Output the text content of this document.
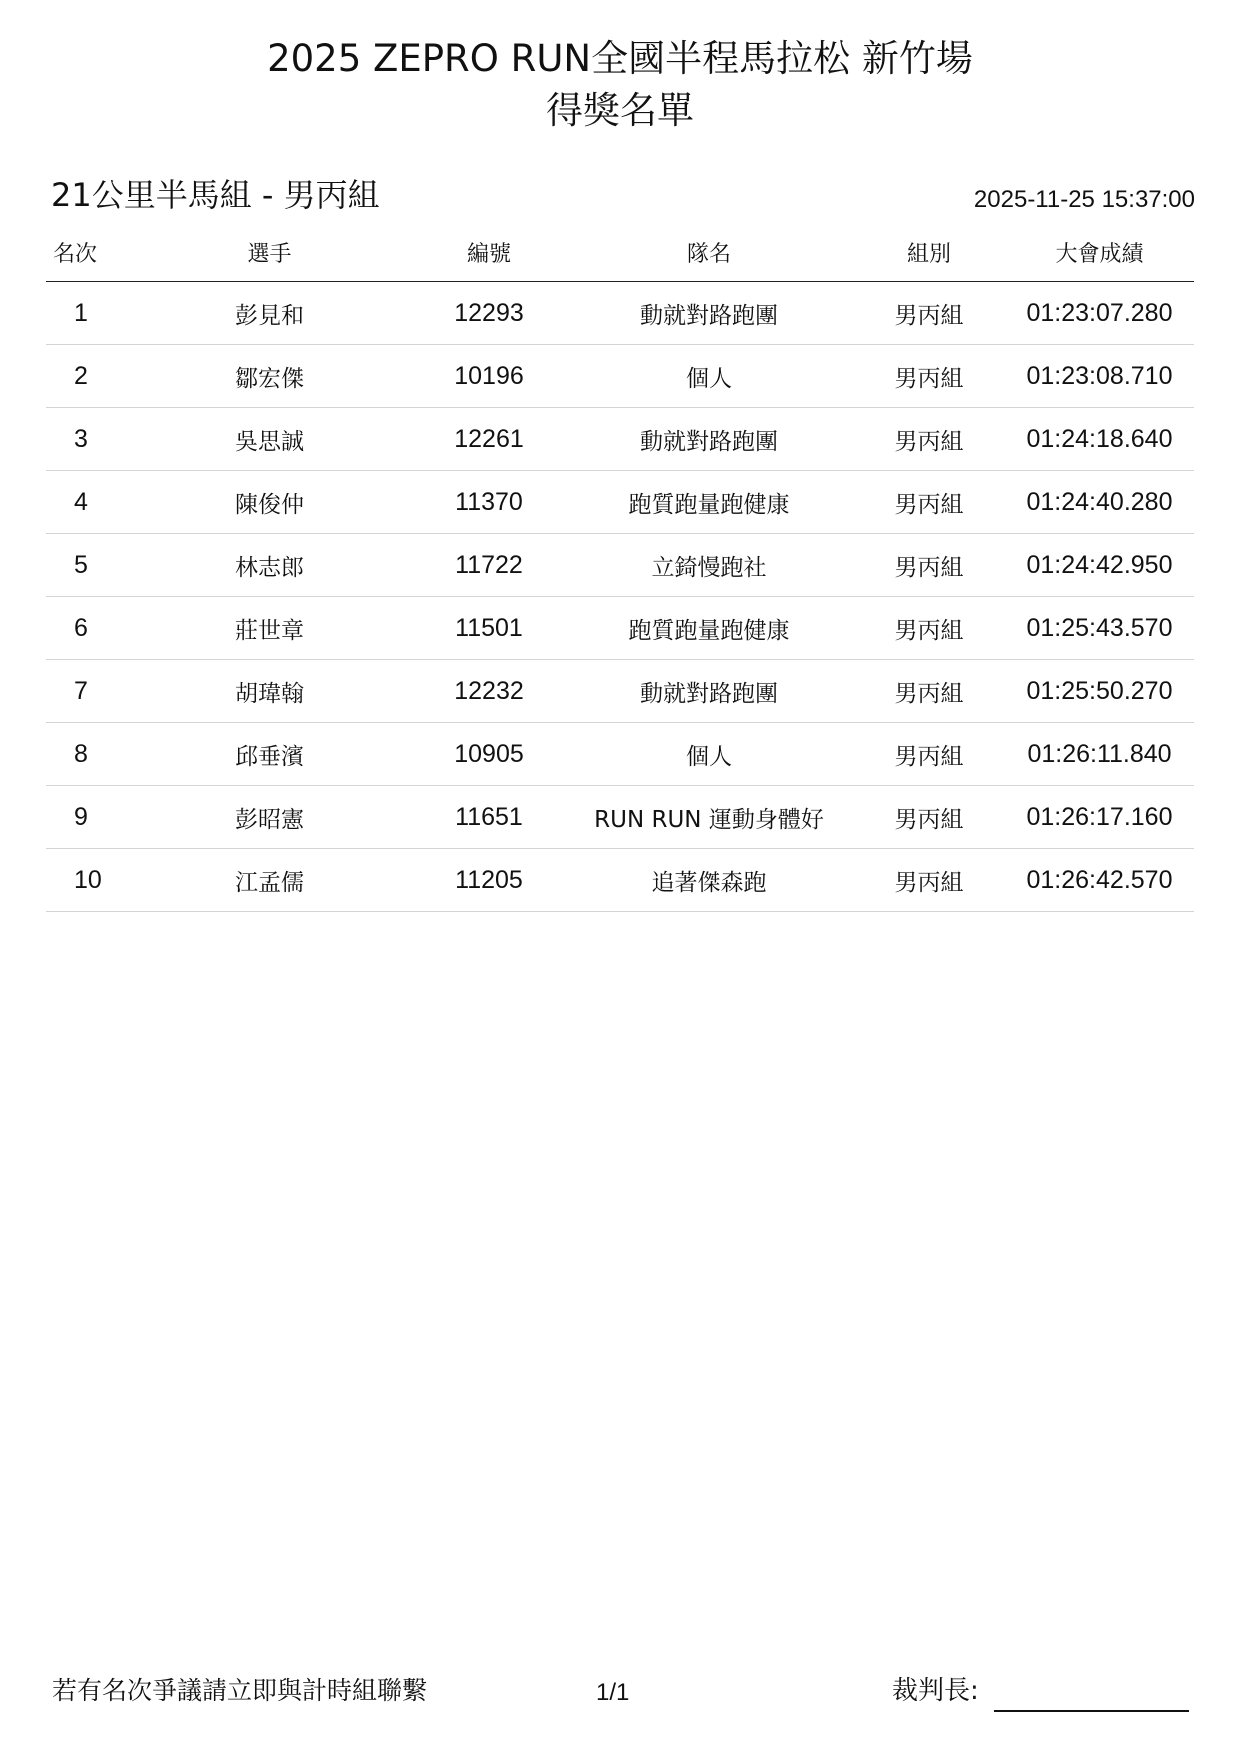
2025 ZEPRO RUN全國半程馬拉松 新竹場
得獎名單
21公里半馬組 - 男丙組	2025-11-25 15:37:00
名次	選手	編號	隊名	組別	大會成績
1	彭見和	12293	動就對路跑團	男丙組	01:23:07.280
2	鄒宏傑	10196	個人	男丙組	01:23:08.710
3	吳思誠	12261	動就對路跑團	男丙組	01:24:18.640
4	陳俊仲	11370	跑質跑量跑健康	男丙組	01:24:40.280
5	林志郎	11722	立錡慢跑社	男丙組	01:24:42.950
6	莊世章	11501	跑質跑量跑健康	男丙組	01:25:43.570
7	胡瑋翰	12232	動就對路跑團	男丙組	01:25:50.270
8	邱垂濱	10905	個人	男丙組	01:26:11.840
9	彭昭憲	11651	RUN RUN 運動身體好	男丙組	01:26:17.160
10	江孟儒	11205	追著傑森跑	男丙組	01:26:42.570
若有名次爭議請立即與計時組聯繫	1/1	裁判長:
